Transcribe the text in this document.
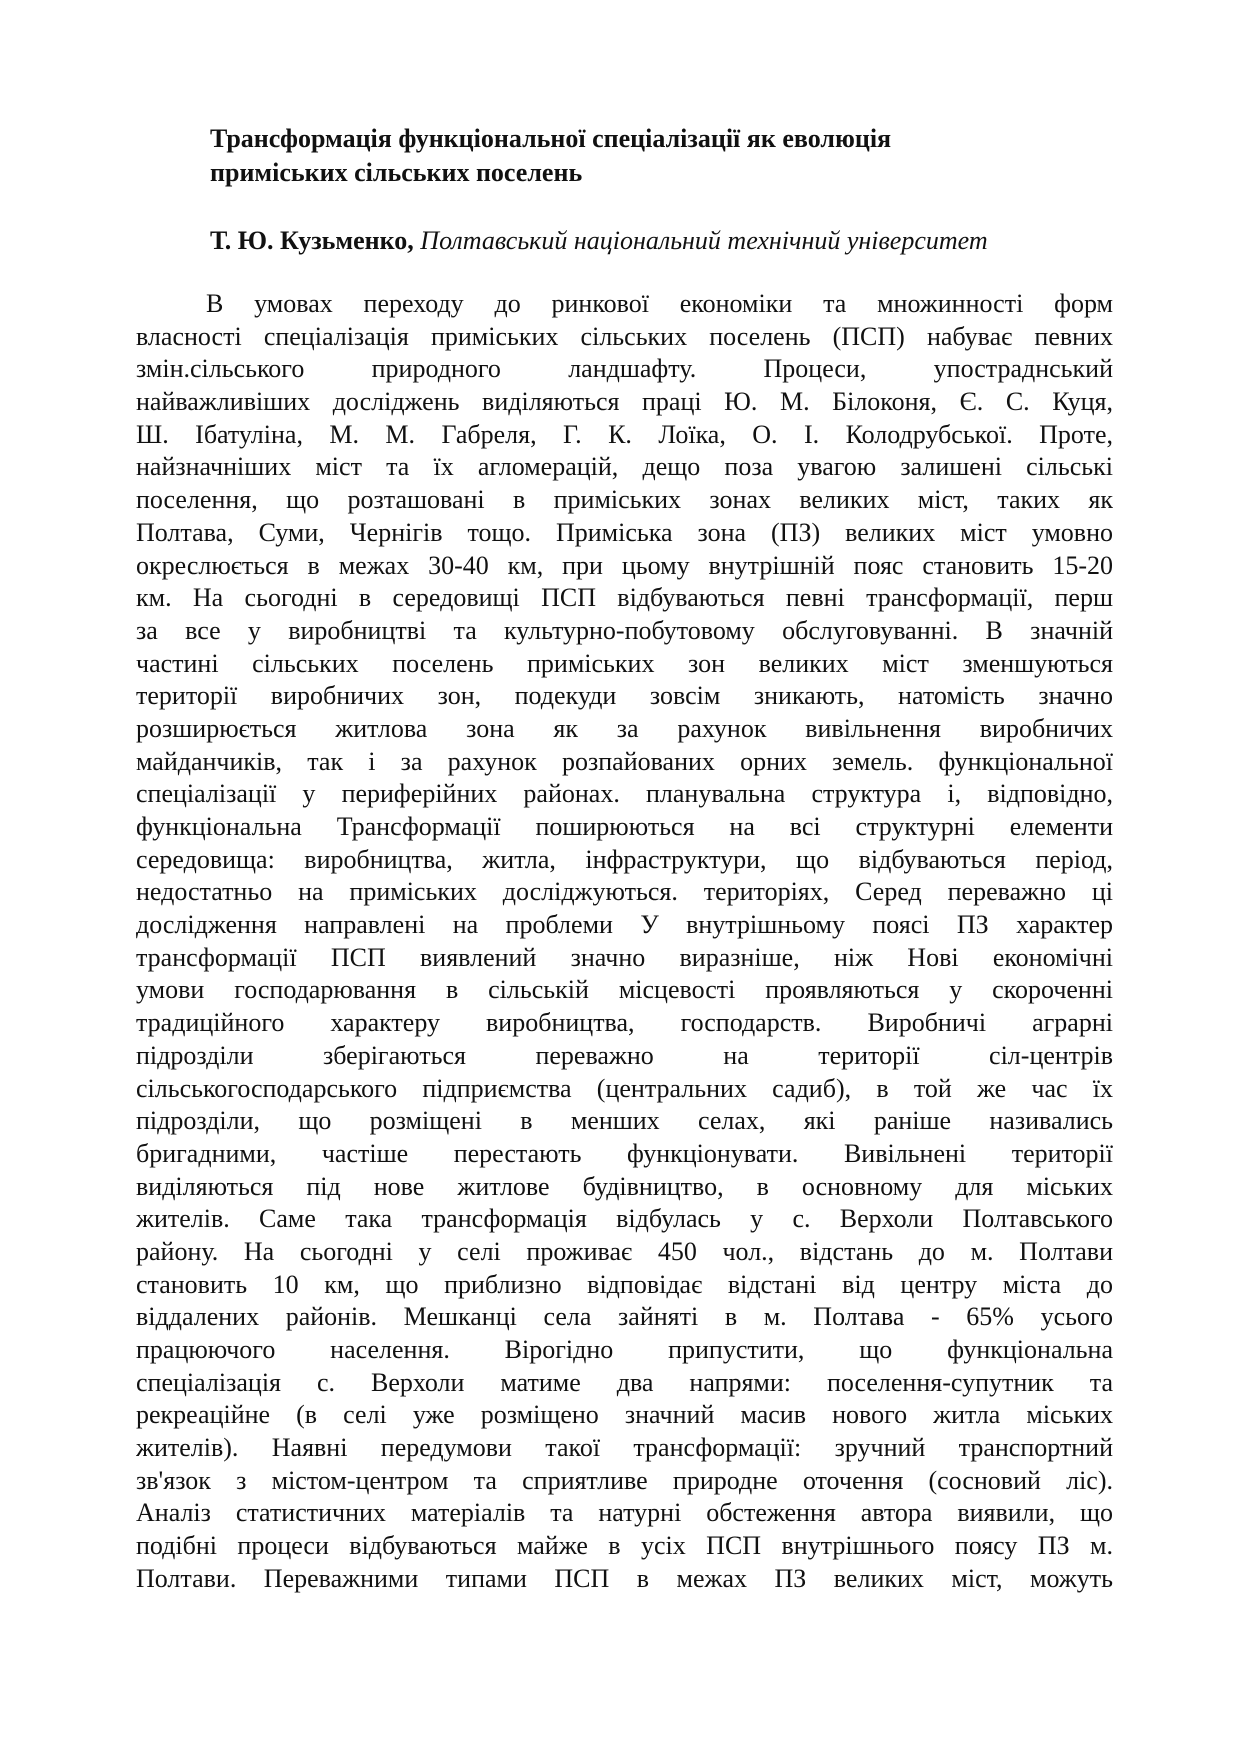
Трансформація функціональної спеціалізації як еволюція
приміських сільських поселень

Т. Ю. Кузьменко, Полтавський національний технічний університет

В умовах переходу до ринкової економіки та множинності форм
власності спеціалізація приміських сільських поселень (ПСП) набуває певних
змін.сільського природного ландшафту. Процеси, упостраднський
найважливіших досліджень виділяються праці Ю. М. Білоконя, Є. С. Куця,
Ш. Ібатуліна, М. М. Габреля, Г. К. Лоїка, О. І. Колодрубської. Проте,
найзначніших міст та їх агломерацій, дещо поза увагою залишені сільські
поселення, що розташовані в приміських зонах великих міст, таких як
Полтава, Суми, Чернігів тощо. Приміська зона (ПЗ) великих міст умовно
окреслюється в межах 30-40 км, при цьому внутрішній пояс становить 15-20
км. На сьогодні в середовищі ПСП відбуваються певні трансформації, перш
за все у виробництві та культурно-побутовому обслуговуванні. В значній
частині сільських поселень приміських зон великих міст зменшуються
території виробничих зон, подекуди зовсім зникають, натомість значно
розширюється житлова зона як за рахунок вивільнення виробничих
майданчиків, так і за рахунок розпайованих орних земель. функціональної
спеціалізації у периферійних районах. планувальна структура і, відповідно,
функціональна Трансформації поширюються на всі структурні елементи
середовища: виробництва, житла, інфраструктури, що відбуваються період,
недостатньо на приміських досліджуються. територіях, Серед переважно ці
дослідження направлені на проблеми У внутрішньому поясі ПЗ характер
трансформації ПСП виявлений значно виразніше, ніж Нові економічні
умови господарювання в сільській місцевості проявляються у скороченні
традиційного характеру виробництва, господарств. Виробничі аграрні
підрозділи зберігаються переважно на території сіл-центрів
сільськогосподарського підприємства (центральних садиб), в той же час їх
підрозділи, що розміщені в менших селах, які раніше називались
бригадними, частіше перестають функціонувати. Вивільнені території
виділяються під нове житлове будівництво, в основному для міських
жителів. Саме така трансформація відбулась у с. Верхоли Полтавського
району. На сьогодні у селі проживає 450 чол., відстань до м. Полтави
становить 10 км, що приблизно відповідає відстані від центру міста до
віддалених районів. Мешканці села зайняті в м. Полтава - 65% усього
працюючого населення. Вірогідно припустити, що функціональна
спеціалізація с. Верхоли матиме два напрями: поселення-супутник та
рекреаційне (в селі уже розміщено значний масив нового житла міських
жителів). Наявні передумови такої трансформації: зручний транспортний
зв'язок з містом-центром та сприятливе природне оточення (сосновий ліс).
Аналіз статистичних матеріалів та натурні обстеження автора виявили, що
подібні процеси відбуваються майже в усіх ПСП внутрішнього поясу ПЗ м.
Полтави. Переважними типами ПСП в межах ПЗ великих міст, можуть
